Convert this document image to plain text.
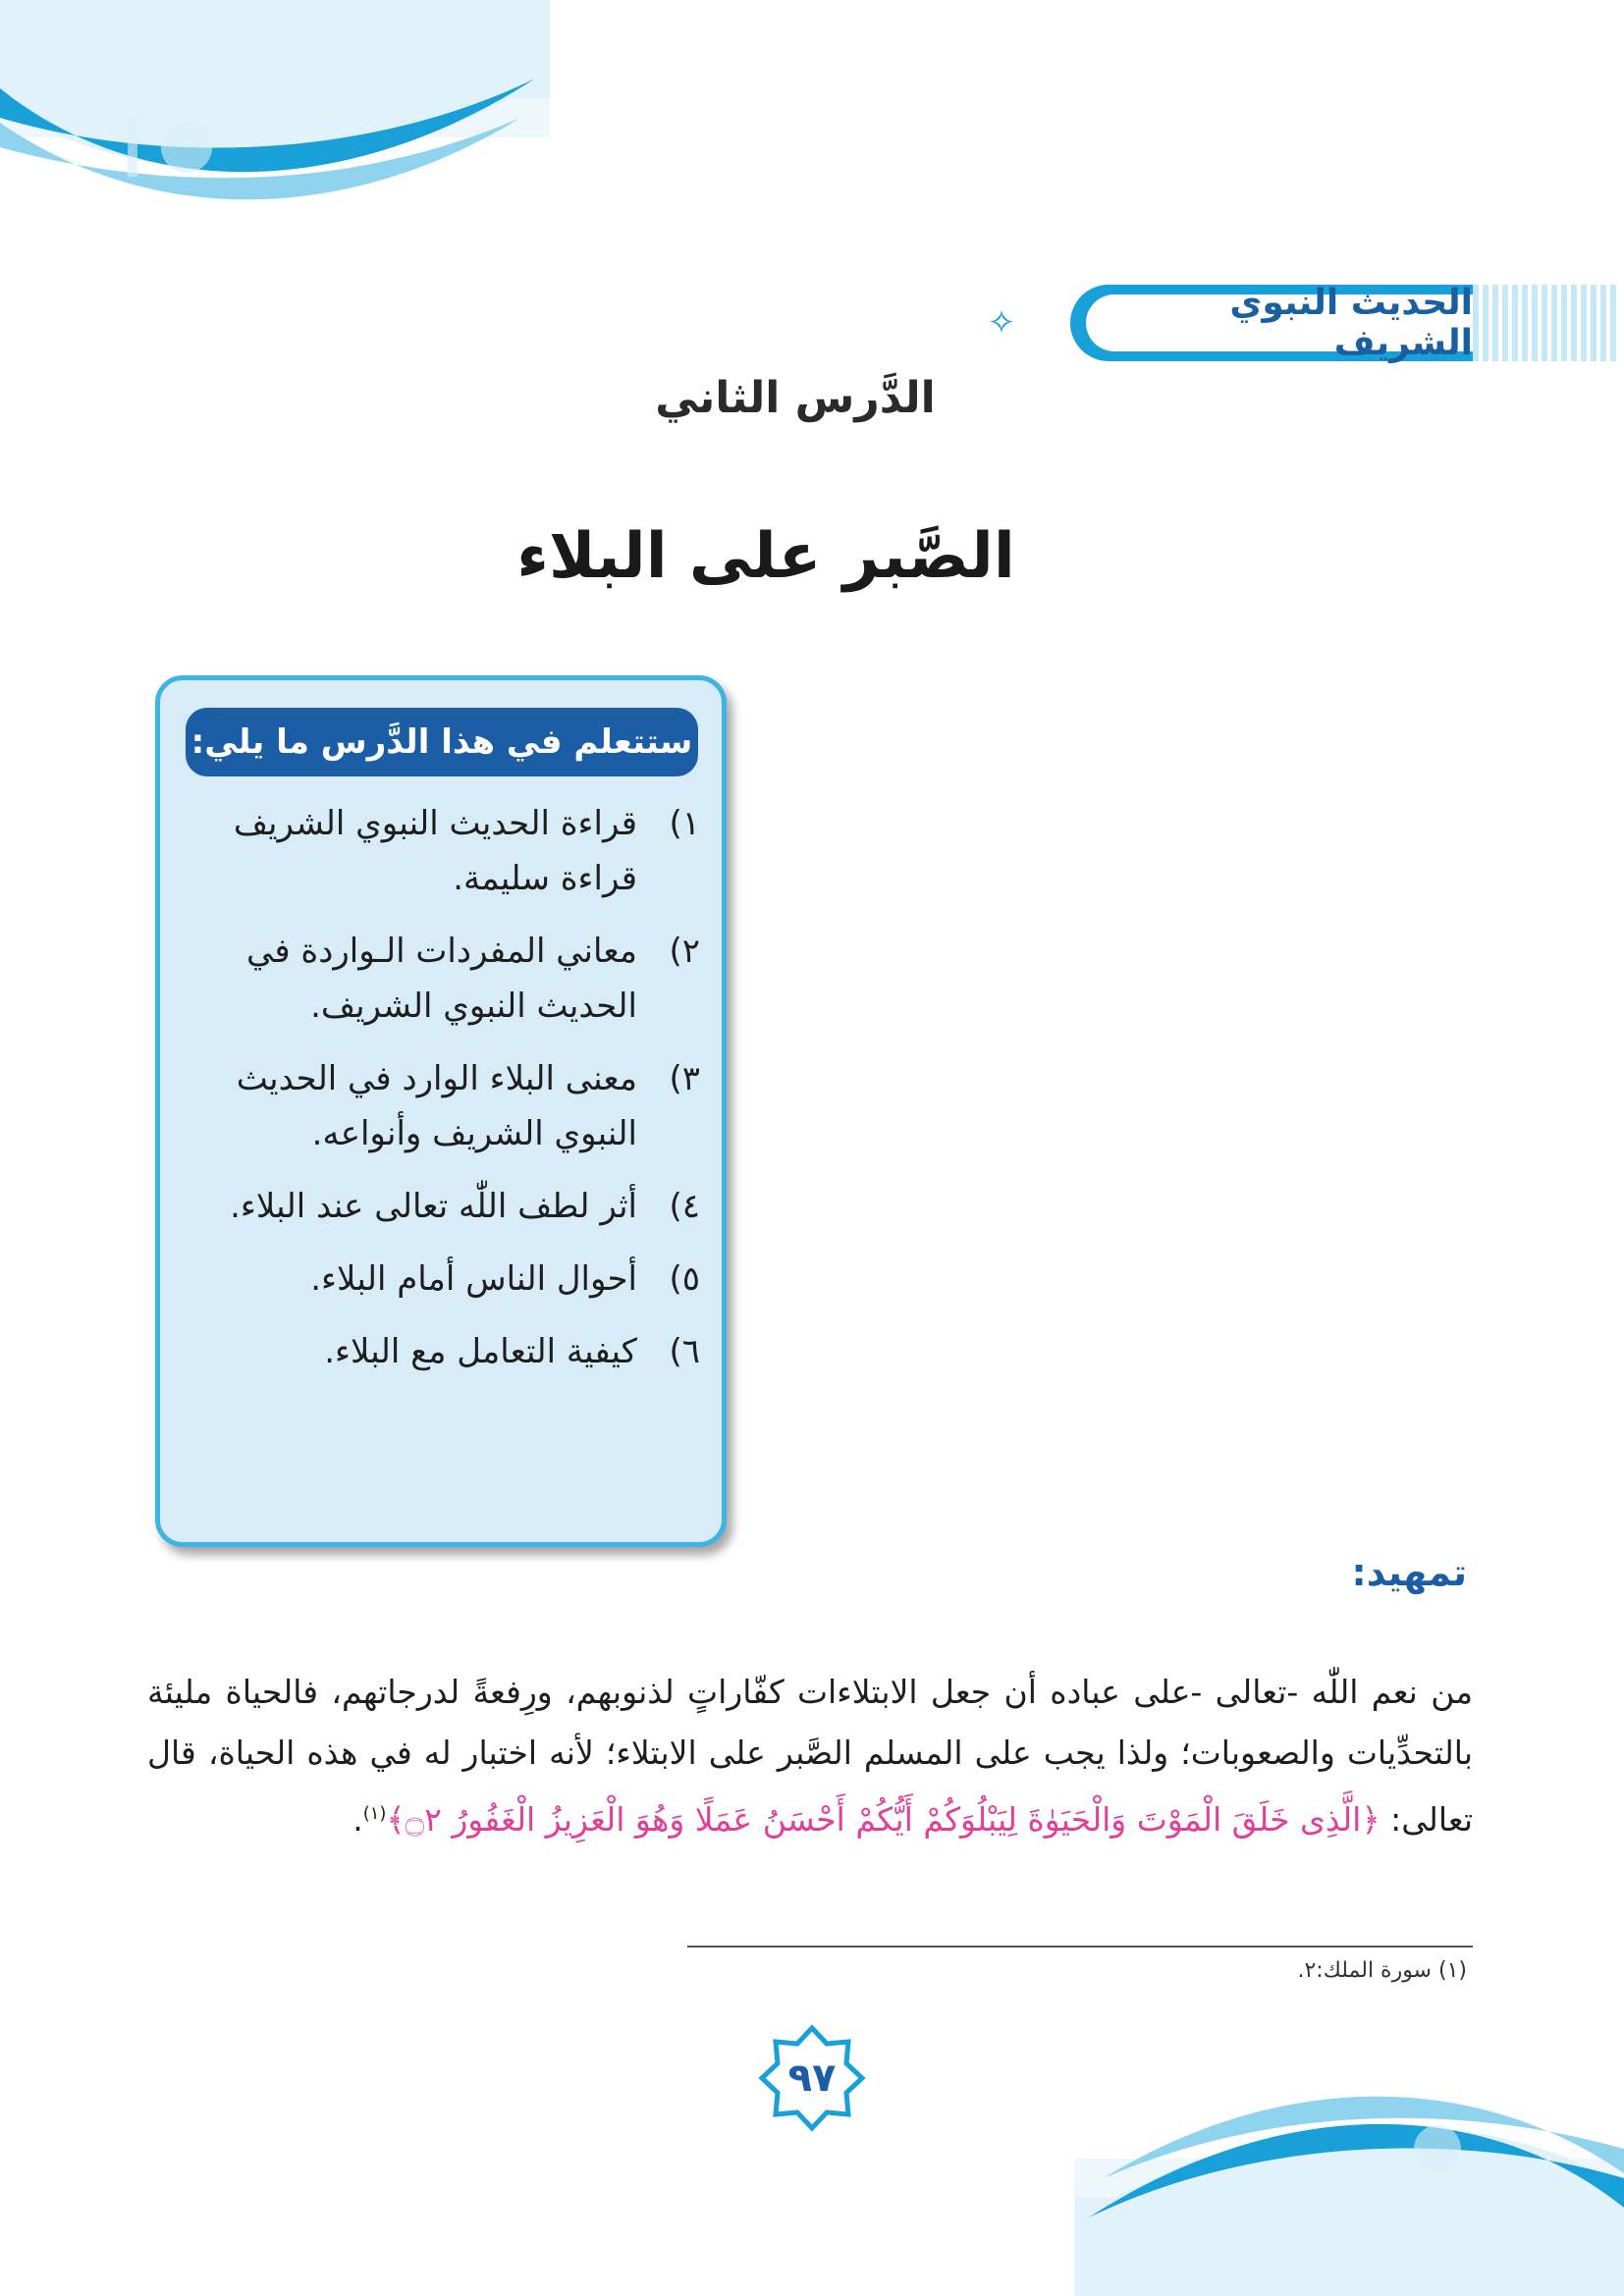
الحديث النبوي الشريف
✧
الدَّرس الثاني
الصَّبر على البلاء
ستتعلم في هذا الدَّرس ما يلي:
١)
قراءة الحديث النبوي الشريف قراءة سليمة.
٢)
معاني المفردات الـواردة في الحديث النبوي الشريف.
٣)
معنى البلاء الوارد في الحديث النبوي الشريف وأنواعه.
٤)
أثر لطف اللّٰه تعالى عند البلاء.
٥)
أحوال الناس أمام البلاء.
٦)
كيفية التعامل مع البلاء.
تمهيد:

من نعم اللّٰه -تعالى -على عباده أن جعل الابتلاءات كفّاراتٍ لذنوبهم، ورِفعةً لدرجاتهم، فالحياة مليئة بالتحدِّيات والصعوبات؛ ولذا يجب على المسلم الصَّبر على الابتلاء؛ لأنه اختبار له في هذه الحياة، قال تعالى: ﴿الَّذِى خَلَقَ الْمَوْتَ وَالْحَيَوٰةَ لِيَبْلُوَكُمْ أَيُّكُمْ أَحْسَنُ عَمَلًا وَهُوَ الْعَزِيزُ الْغَفُورُ ۝٢﴾$^{(١)}$.

(١) سورة الملك:٢.
٩٧
